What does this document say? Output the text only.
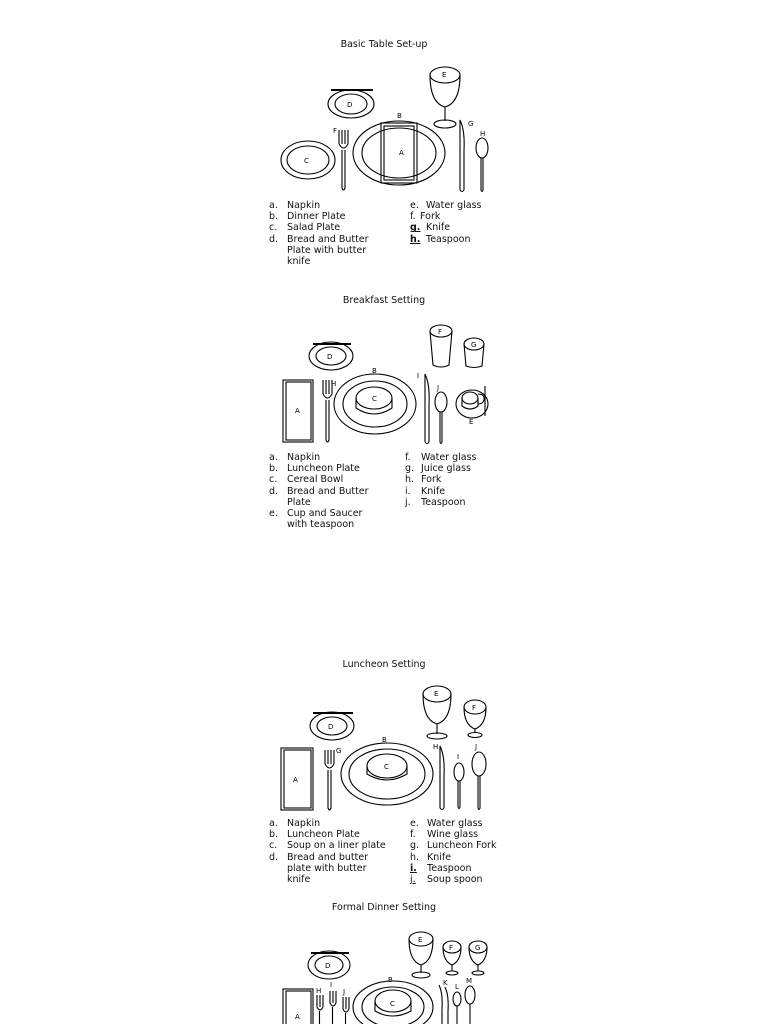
Basic Table Set-up
D
C
F
B
A
E
G
H
a. Napkin
b. Dinner Plate
c.	Salad Plate
d. Bread and Butter Plate with butter knife
e. Water glass
f. Fork
g. Knife
h. Teaspoon
Breakfast Setting
D
A
H
B
C
I
J
F
G
E
a. Napkin
b. Luncheon Plate
c.	Cereal Bowl
d. Bread and Butter Plate
e. Cup and Saucer with teaspoon
f.	Water glass
g. Juice glass
h. Fork
i.	Knife
j.	Teaspoon
Luncheon Setting
D
A
G
B
C
E
F
H
I
J
a. Napkin
b. Luncheon Plate
c.	Soup on a liner plate
d. Bread and butter plate with butter knife
e. Water glass
f.	Wine glass
g. Luncheon Fork
h. Knife
i.	Teaspoon
j.	Soup spoon
Formal Dinner Setting
D
A
H
I
J
B
C
E
F	G
K L
M
